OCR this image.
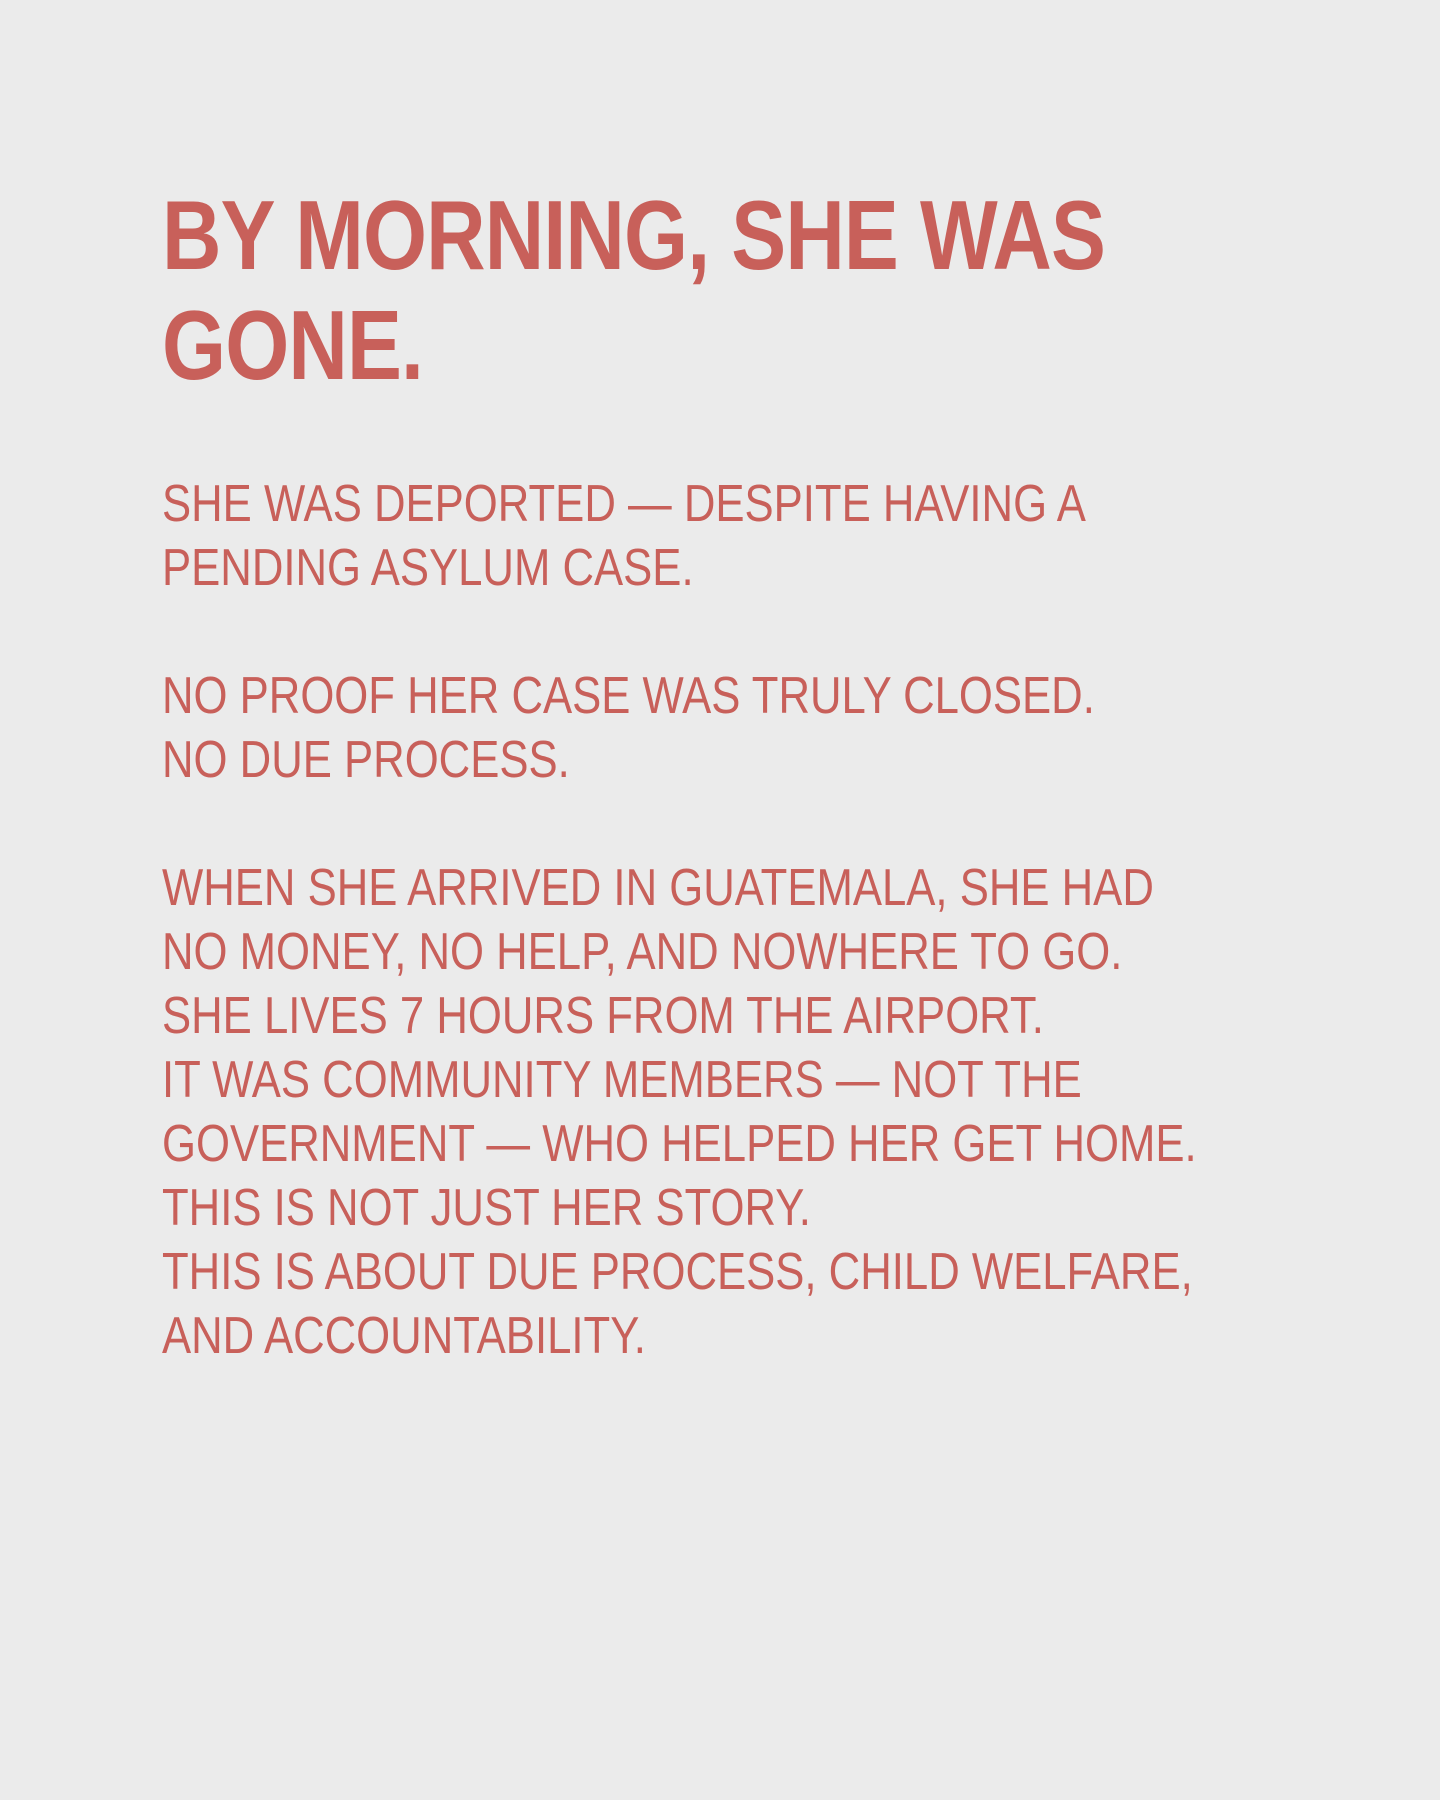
BY MORNING, SHE WAS
GONE.
SHE WAS DEPORTED — DESPITE HAVING A
PENDING ASYLUM CASE.
NO PROOF HER CASE WAS TRULY CLOSED.
NO DUE PROCESS.
WHEN SHE ARRIVED IN GUATEMALA, SHE HAD
NO MONEY, NO HELP, AND NOWHERE TO GO.
SHE LIVES 7 HOURS FROM THE AIRPORT.
IT WAS COMMUNITY MEMBERS — NOT THE
GOVERNMENT — WHO HELPED HER GET HOME.
THIS IS NOT JUST HER STORY.
THIS IS ABOUT DUE PROCESS, CHILD WELFARE,
AND ACCOUNTABILITY.
